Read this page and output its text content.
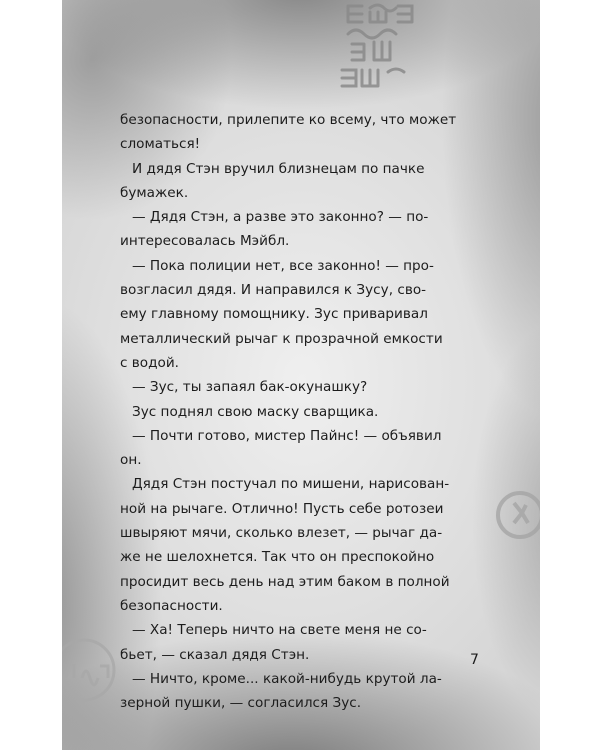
безопасности, прилепите ко всему, что может
сломаться!
И дядя Стэн вручил близнецам по пачке
бумажек.
— Дядя Стэн, а разве это законно? — по-
интересовалась Мэйбл.
— Пока полиции нет, все законно! — про-
возгласил дядя. И направился к Зусу, сво-
ему главному помощнику. Зус приваривал
металлический рычаг к прозрачной емкости
с водой.
— Зус, ты запаял бак-окунашку?
Зус поднял свою маску сварщика.
— Почти готово, мистер Пайнс! — объявил
он.
Дядя Стэн постучал по мишени, нарисован-
ной на рычаге. Отлично! Пусть себе ротозеи
швыряют мячи, сколько влезет, — рычаг да-
же не шелохнется. Так что он преспокойно
просидит весь день над этим баком в полной
безопасности.
— Ха! Теперь ничто на свете меня не со-
бьет, — сказал дядя Стэн.
— Ничто, кроме... какой-нибудь крутой ла-
зерной пушки, — согласился Зус.
7
